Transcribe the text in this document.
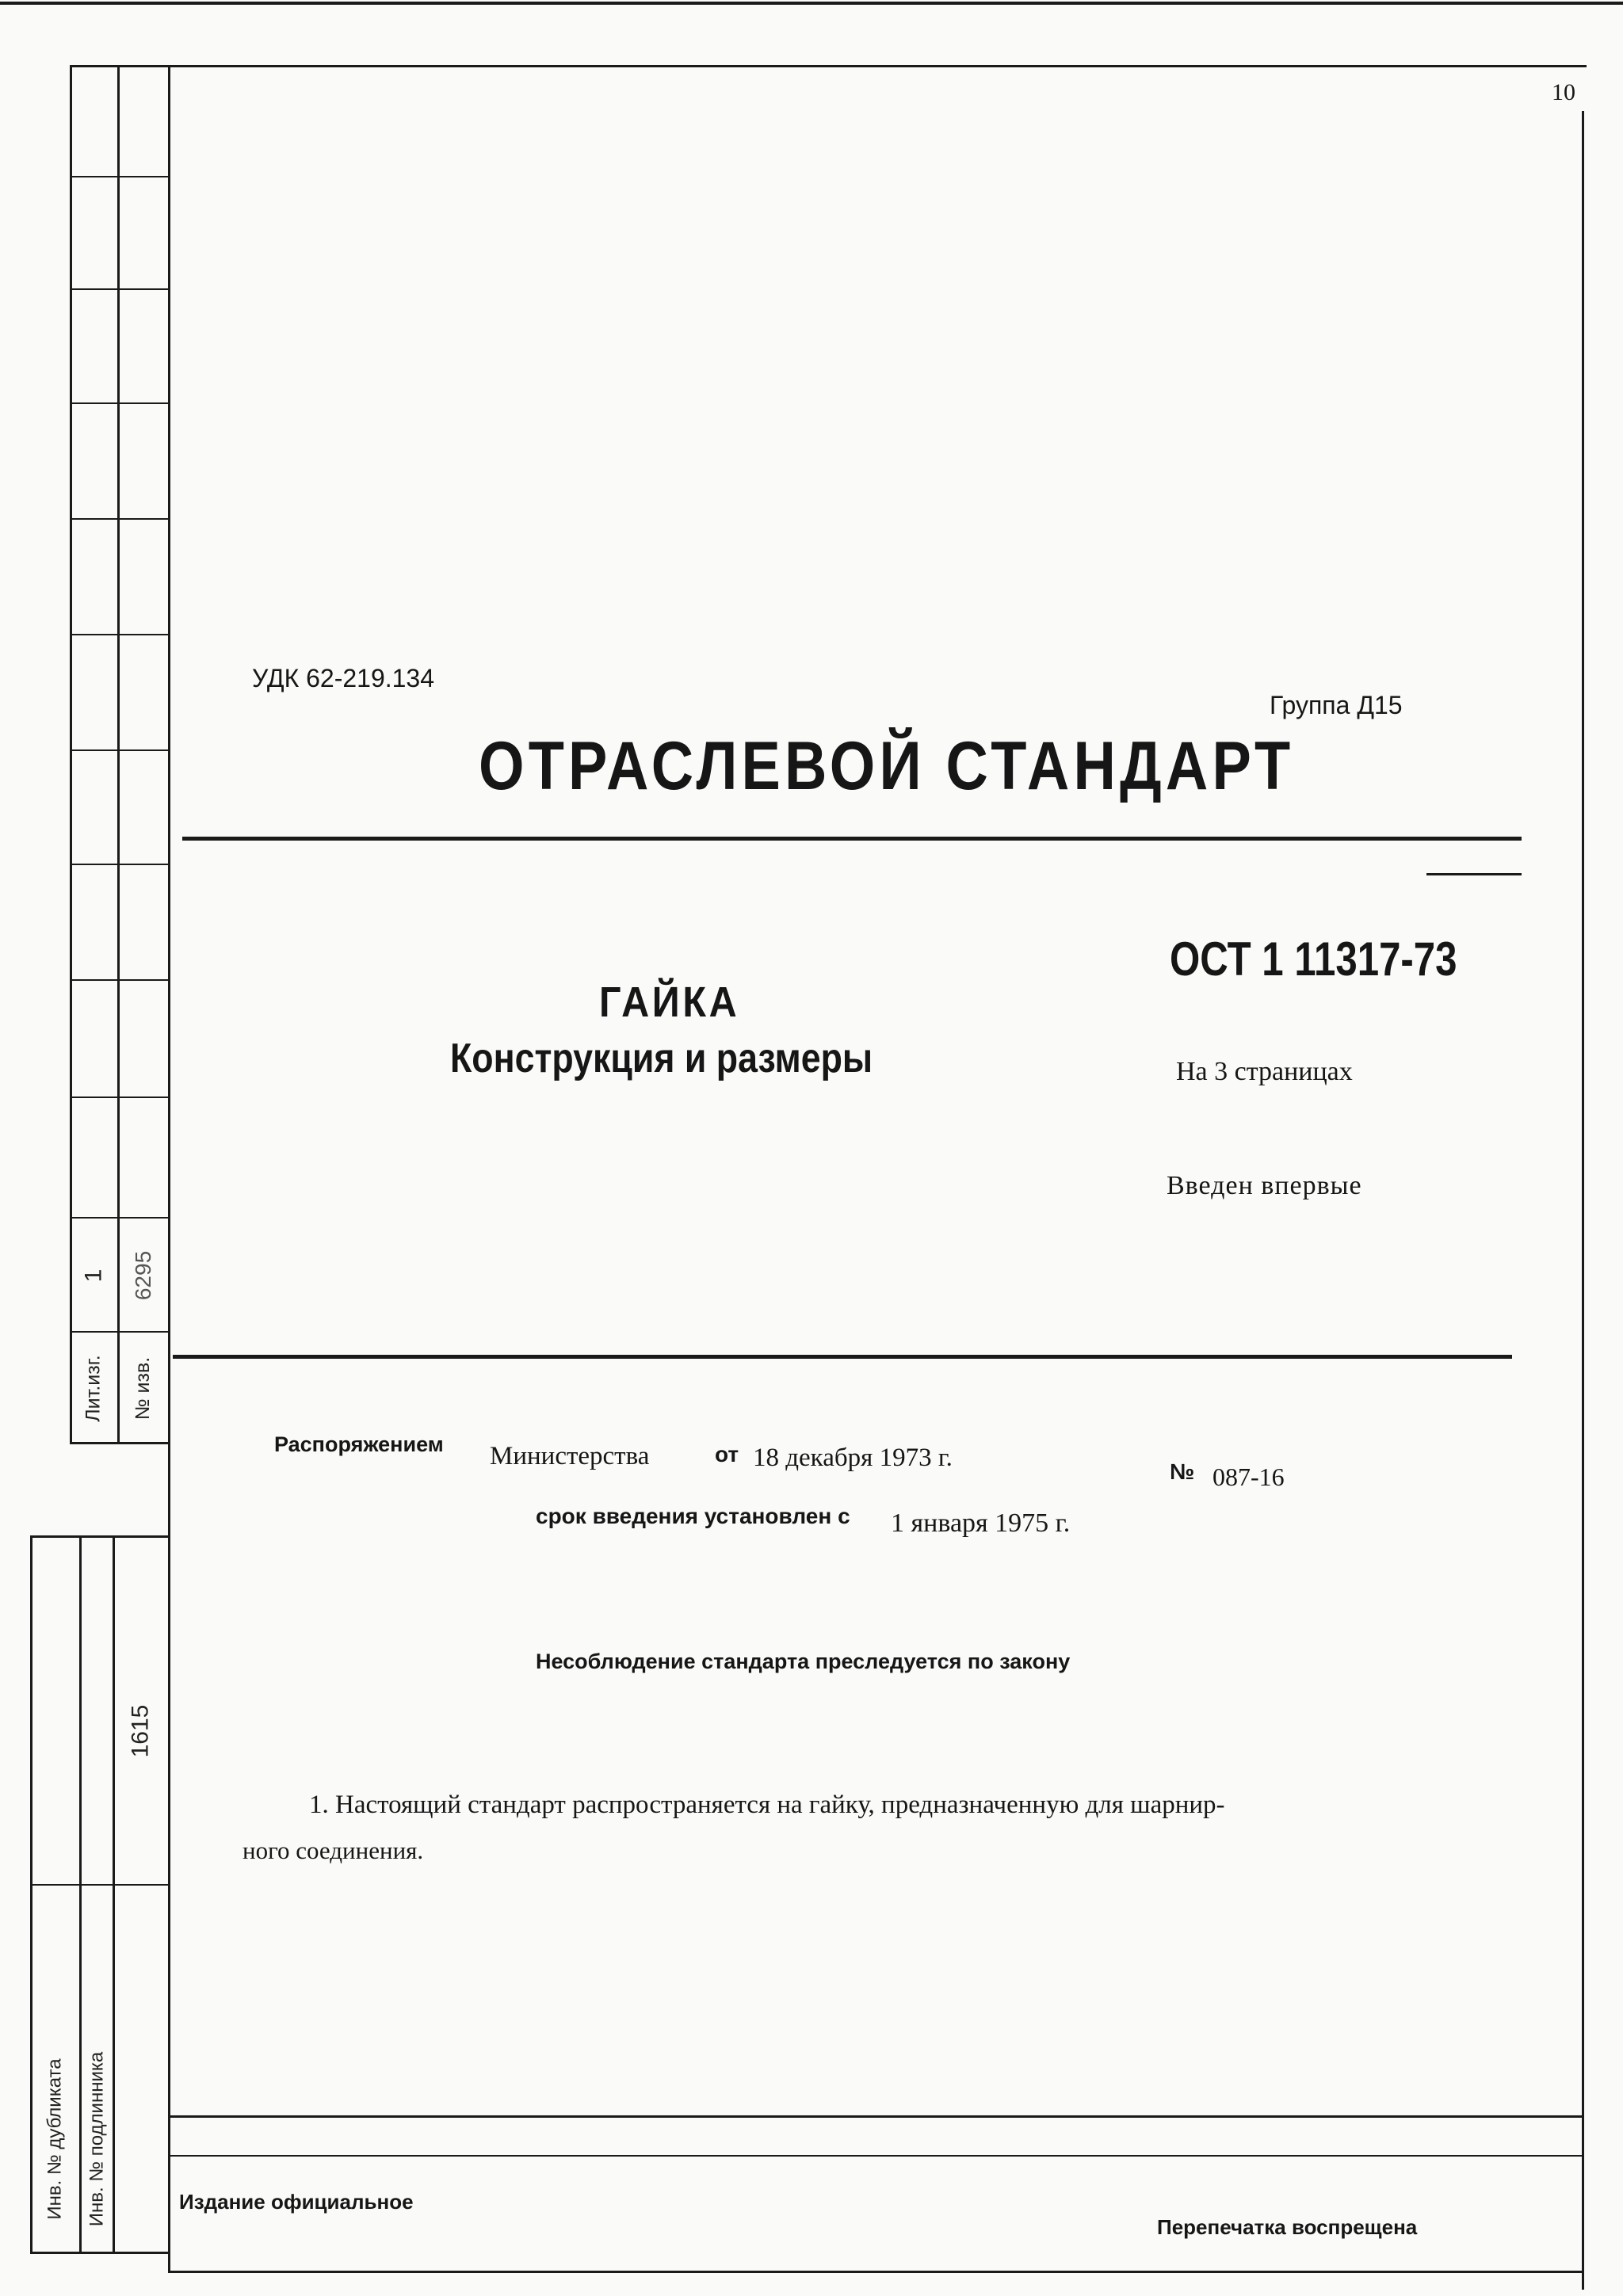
10
1 6295
Лит.изг. № изв.
1615
Инв. № дубликата Инв. № подлинника
УДК 62-219.134
Группа Д15
ОТРАСЛЕВОЙ СТАНДАРТ
ОСТ 1 11317-73
ГАЙКА
Конструкция и размеры	На 3 страницах
Введен впервые
Распоряжением Министерства	от 18 декабря 1973 г.	№ 087-16
срок введения установлен с 1 января 1975 г.
Несоблюдение стандарта преследуется по закону
1. Настоящий стандарт распространяется на гайку, предназначенную для шарнир-
ного соединения.
Издание официальное
Перепечатка воспрещена
